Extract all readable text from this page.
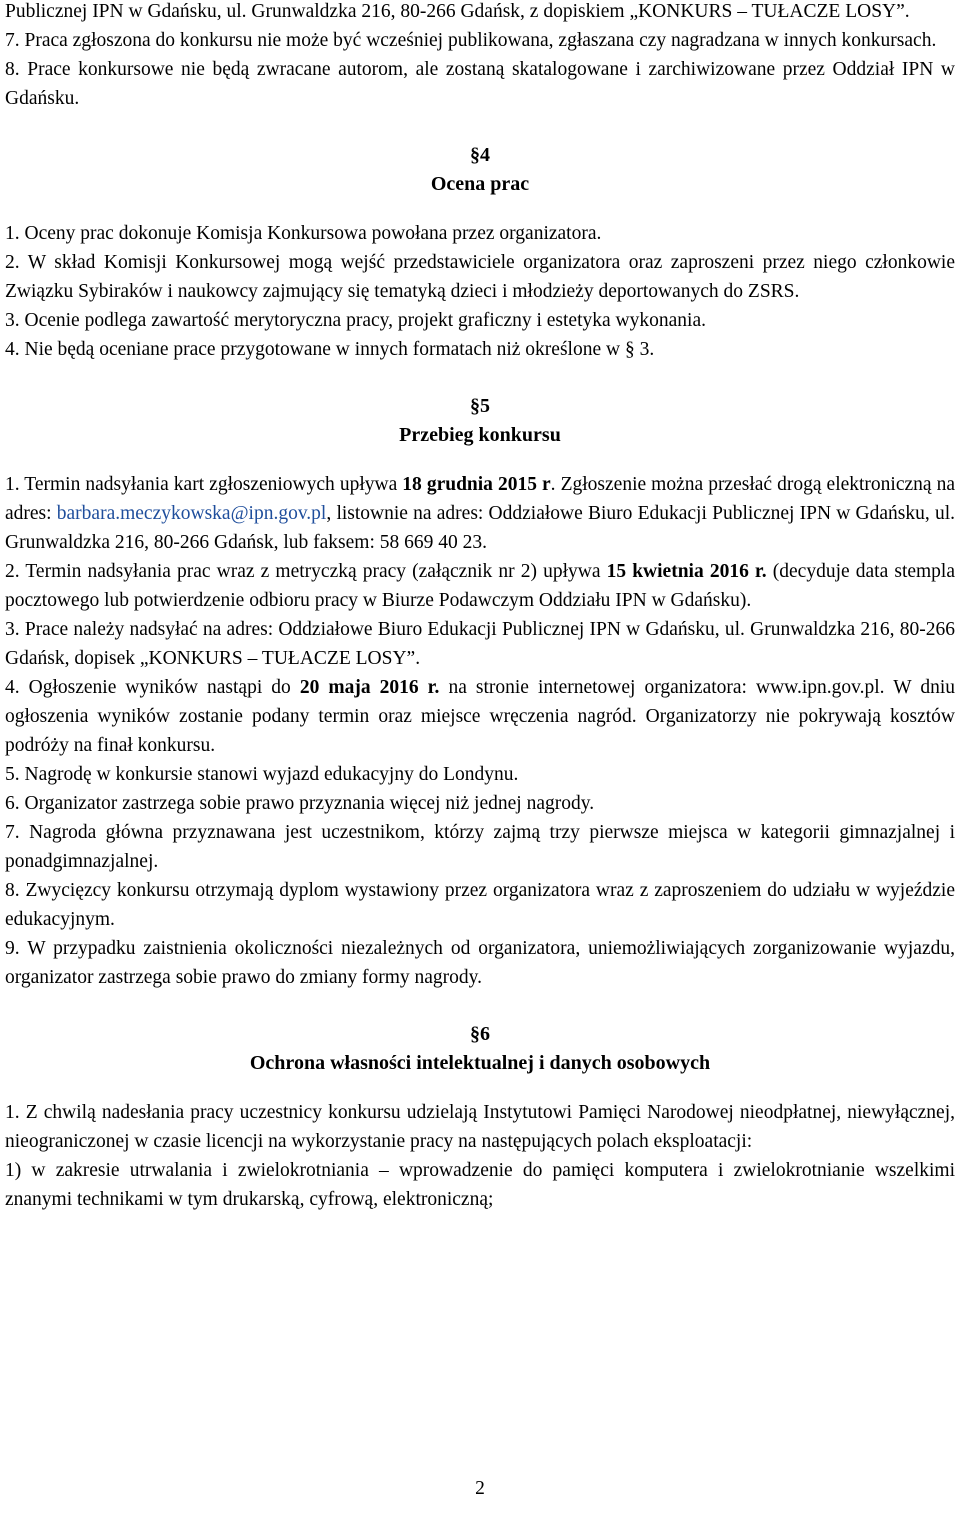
Publicznej IPN w Gdańsku, ul. Grunwaldzka 216, 80-266 Gdańsk, z dopiskiem „KONKURS – TUŁACZE LOSY”.

7. Praca zgłoszona do konkursu nie może być wcześniej publikowana, zgłaszana czy nagradzana w innych konkursach.

8. Prace konkursowe nie będą zwracane autorom, ale zostaną skatalogowane i zarchiwizowane przez Oddział IPN w Gdańsku.

§4

Ocena prac

1. Oceny prac dokonuje Komisja Konkursowa powołana przez organizatora.

2. W skład Komisji Konkursowej mogą wejść przedstawiciele organizatora oraz zaproszeni przez niego członkowie Związku Sybiraków i naukowcy zajmujący się tematyką dzieci i młodzieży deportowanych do ZSRS.

3. Ocenie podlega zawartość merytoryczna pracy, projekt graficzny i estetyka wykonania.

4. Nie będą oceniane prace przygotowane w innych formatach niż określone w § 3.

§5

Przebieg konkursu

1. Termin nadsyłania kart zgłoszeniowych upływa 18 grudnia 2015 r. Zgłoszenie można przesłać drogą elektroniczną na adres: barbara.meczykowska@ipn.gov.pl, listownie na adres: Oddziałowe Biuro Edukacji Publicznej IPN w Gdańsku, ul. Grunwaldzka 216, 80-266 Gdańsk, lub faksem: 58 669 40 23.

2. Termin nadsyłania prac wraz z metryczką pracy (załącznik nr 2) upływa 15 kwietnia 2016 r. (decyduje data stempla pocztowego lub potwierdzenie odbioru pracy w Biurze Podawczym Oddziału IPN w Gdańsku).

3. Prace należy nadsyłać na adres: Oddziałowe Biuro Edukacji Publicznej IPN w Gdańsku, ul. Grunwaldzka 216, 80-266 Gdańsk, dopisek „KONKURS – TUŁACZE LOSY”.

4. Ogłoszenie wyników nastąpi do 20 maja 2016 r. na stronie internetowej organizatora: www.ipn.gov.pl. W dniu ogłoszenia wyników zostanie podany termin oraz miejsce wręczenia nagród. Organizatorzy nie pokrywają kosztów podróży na finał konkursu.

5. Nagrodę w konkursie stanowi wyjazd edukacyjny do Londynu.

6. Organizator zastrzega sobie prawo przyznania więcej niż jednej nagrody.

7. Nagroda główna przyznawana jest uczestnikom, którzy zajmą trzy pierwsze miejsca w kategorii gimnazjalnej i ponadgimnazjalnej.

8. Zwycięzcy konkursu otrzymają dyplom wystawiony przez organizatora wraz z zaproszeniem do udziału w wyjeździe edukacyjnym.

9. W przypadku zaistnienia okoliczności niezależnych od organizatora, uniemożliwiających zorganizowanie wyjazdu, organizator zastrzega sobie prawo do zmiany formy nagrody.

§6

Ochrona własności intelektualnej i danych osobowych

1. Z chwilą nadesłania pracy uczestnicy konkursu udzielają Instytutowi Pamięci Narodowej nieodpłatnej, niewyłącznej, nieograniczonej w czasie licencji na wykorzystanie pracy na następujących polach eksploatacji:

1) w zakresie utrwalania i zwielokrotniania – wprowadzenie do pamięci komputera i zwielokrotnianie wszelkimi znanymi technikami w tym drukarską, cyfrową, elektroniczną;

2
